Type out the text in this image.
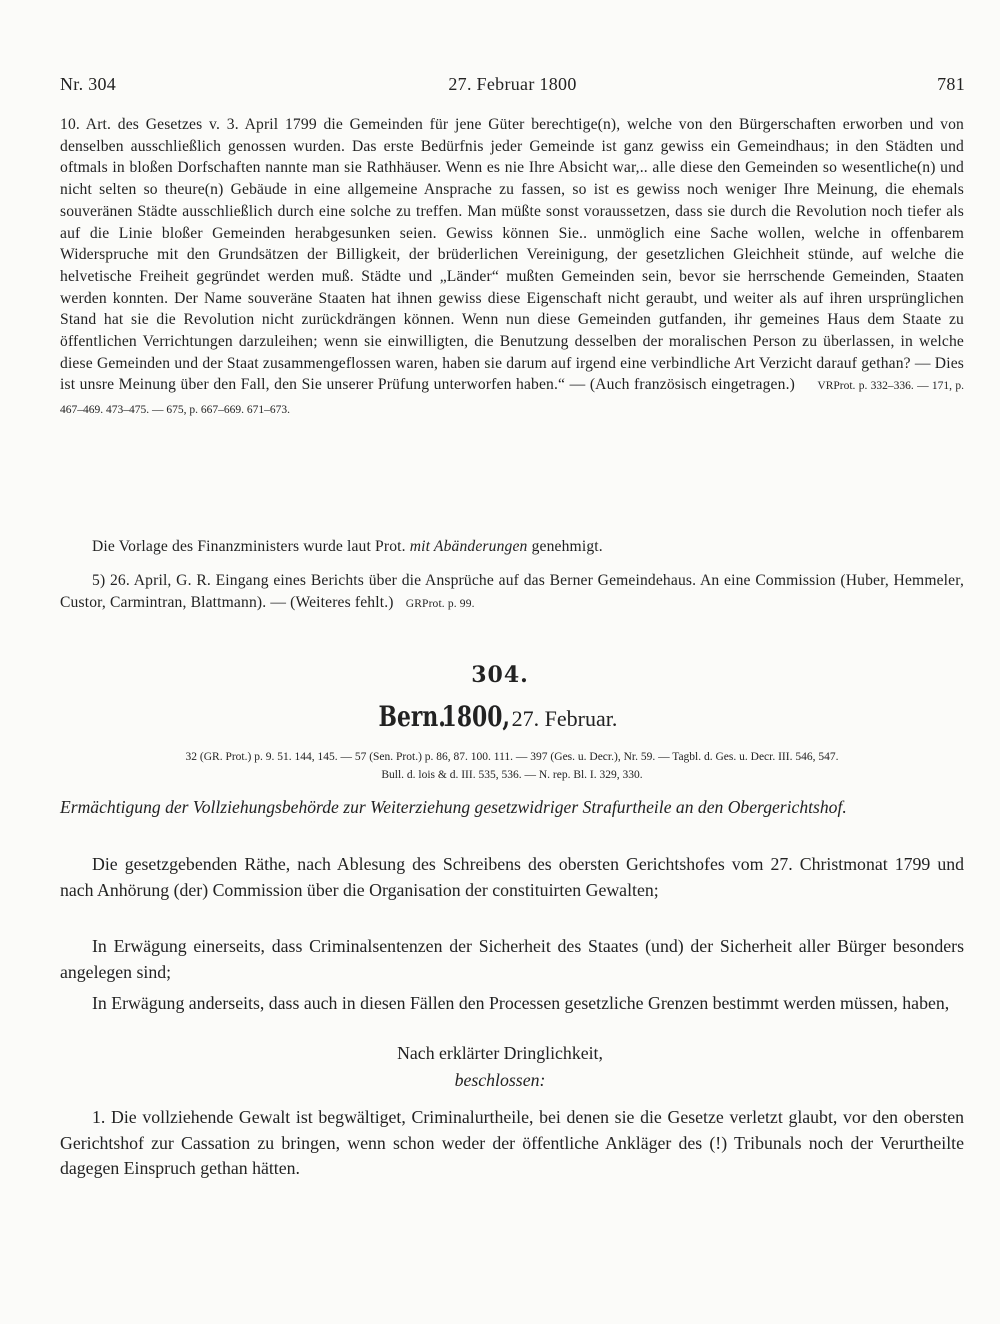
Nr. 304	27. Februar 1800	781
10. Art. des Gesetzes v. 3. April 1799 die Gemeinden für jene Güter berechtige(n), welche von den Bürgerschaften erworben und von denselben ausschließlich genossen wurden. Das erste Bedürfnis jeder Gemeinde ist ganz gewiss ein Gemeindhaus; in den Städten und oftmals in bloßen Dorfschaften nannte man sie Rathhäuser. Wenn es nie Ihre Absicht war,.. alle diese den Gemeinden so wesentliche(n) und nicht selten so theure(n) Gebäude in eine allgemeine Ansprache zu fassen, so ist es gewiss noch weniger Ihre Meinung, die ehemals souveränen Städte ausschließlich durch eine solche zu treffen. Man müßte sonst voraussetzen, dass sie durch die Revolution noch tiefer als auf die Linie bloßer Gemeinden herabgesunken seien. Gewiss können Sie.. unmöglich eine Sache wollen, welche in offenbarem Widerspruche mit den Grundsätzen der Billigkeit, der brüderlichen Vereinigung, der gesetzlichen Gleichheit stünde, auf welche die helvetische Freiheit gegründet werden muß. Städte und „Länder“ mußten Gemeinden sein, bevor sie herrschende Gemeinden, Staaten werden konnten. Der Name souveräne Staaten hat ihnen gewiss diese Eigenschaft nicht geraubt, und weiter als auf ihren ursprünglichen Stand hat sie die Revolution nicht zurückdrängen können. Wenn nun diese Gemeinden gutfanden, ihr gemeines Haus dem Staate zu öffentlichen Verrichtungen darzuleihen; wenn sie einwilligten, die Benutzung desselben der moralischen Person zu überlassen, in welche diese Gemeinden und der Staat zusammengeflossen waren, haben sie darum auf irgend eine verbindliche Art Verzicht darauf gethan? — Dies ist unsre Meinung über den Fall, den Sie unserer Prüfung unterworfen haben.“ — (Auch französisch eingetragen.) VRProt. p. 332–336. — 171, p. 467–469. 473–475. — 675, p. 667–669. 671–673.
Die Vorlage des Finanzministers wurde laut Prot. mit Abänderungen genehmigt.
5) 26. April, G. R. Eingang eines Berichts über die Ansprüche auf das Berner Gemeindehaus. An eine Commission (Huber, Hemmeler, Custor, Carmintran, Blattmann). — (Weiteres fehlt.) GRProt. p. 99.
304.
Bern. 1800, 27. Februar.
32 (GR. Prot.) p. 9. 51. 144, 145. — 57 (Sen. Prot.) p. 86, 87. 100. 111. — 397 (Ges. u. Decr.), Nr. 59. — Tagbl. d. Ges. u. Decr. III. 546, 547.
Bull. d. lois & d. III. 535, 536. — N. rep. Bl. I. 329, 330.
Ermächtigung der Vollziehungsbehörde zur Weiterziehung gesetzwidriger Strafurtheile an den Obergerichtshof.
Die gesetzgebenden Räthe, nach Ablesung des Schreibens des obersten Gerichtshofes vom 27. Christmonat 1799 und nach Anhörung (der) Commission über die Organisation der constituirten Gewalten;
In Erwägung einerseits, dass Criminalsentenzen der Sicherheit des Staates (und) der Sicherheit aller Bürger besonders angelegen sind;
In Erwägung anderseits, dass auch in diesen Fällen den Processen gesetzliche Grenzen bestimmt werden müssen, haben,
Nach erklärter Dringlichkeit,
beschlossen:
1. Die vollziehende Gewalt ist begwältiget, Criminalurtheile, bei denen sie die Gesetze verletzt glaubt, vor den obersten Gerichtshof zur Cassation zu bringen, wenn schon weder der öffentliche Ankläger des (!) Tribunals noch der Verurtheilte dagegen Einspruch gethan hätten.
